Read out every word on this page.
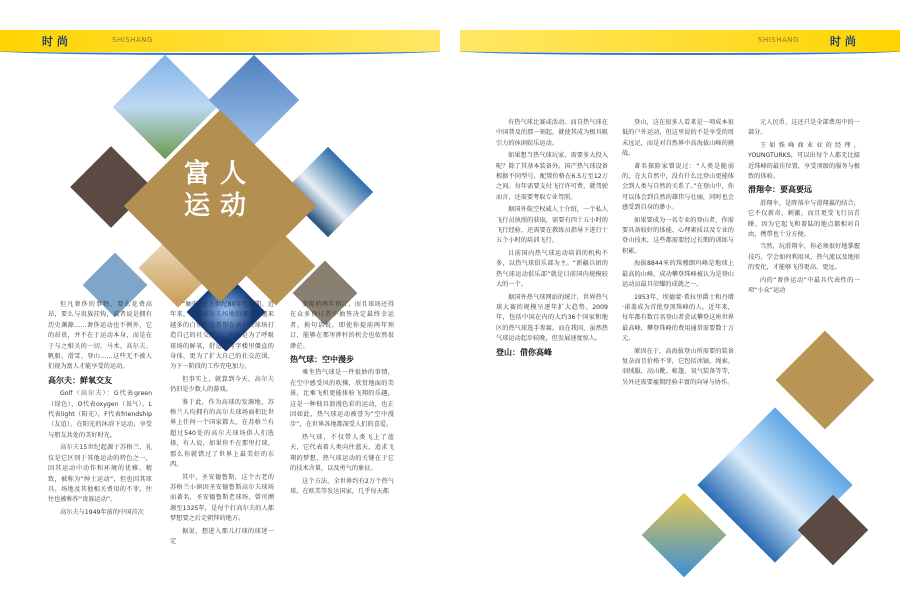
时 尚	SHISHANG	SHISHANG	时 尚
富人运动

但凡奢侈的事物，要么花费高昂，要么与贵族挂钩，或者说是拥有历史渊源……奢侈运动也不例外，它的昂贵，并不在于运动本身，而是在于与之相关的一切，马术、高尔夫、帆船、滑雪、登山……这些无不被人们视为富人才能享受的运动。

高尔夫：鲜氧交友

Golf（高尔夫）：G代表green（绿色），O代表oxygen（氧气），L代表light（阳光），F代表friendship（友谊）。在阳光的沐浴下运动，享受与朋友共处的美好时光。

高尔夫15世纪起源于苏格兰，礼仪是它区别于其他运动的特色之一，因其运动中动作和环境的优雅、精致，被称为“绅士运动”，但也因其球具、场地及其他相关费用的不菲，往往也被称作“贵族运动”。

高尔夫与1949年前的中国首次

“触电”在上世纪80年代初期。近年来，随着高尔夫场地的增多，越来越多的白领们也希望在高尔夫球场打造自己的社交圈子，不只是为了呼吸球场的鲜氧，舒适在写字楼里僵直的身体，更为了扩大自己的社交范围，为下一阶段的工作充电加力。

但事实上，就算到今天，高尔夫仍旧是少数人的游戏。

鉴于此，作为高球的发源地，苏格兰人均拥有的高尔夫球场面积比世界上任何一个国家都大，在苏格兰有超过540处的高尔夫球场供人们选择，有人说，如果你不在那里打球，那么你就错过了世界上最美好的东西。

其中，圣安德鲁斯，这个古老的苏格兰小镇因圣安德鲁斯高尔夫球场而著名，圣安德鲁斯老球场，曾可溯源至1325年，是每个打高尔夫的人都梦想要之后走朝拜的地方。

据说，想进入那儿打球的球迷一定

要提前两年预订，而且球场还得在众多预订者中抽签决定最终幸运者，换句话说，即使你提前两年预订，能够在那里挥杆的机会也依然很渺茫。

热气球：空中漫步

乘坐热气球是一件很妙的事情，在空中感受风的吹拂，欣赏地面的美景，比乘飞机更能体验飞翔的乐趣，这是一种独具浪漫色彩的运动，也正因如此，热气球运动被誉为“空中漫步”，在世界各地都深受人们的喜爱。

热气球，不仅带人类飞上了蓝天，它代表着人类向往蓝天，追求飞翔的梦想，热气球运动的关键在于它的技术含量，以及勇气的象征。

这个方法，全世界约有2万个热气球。在欧美等发达国家，几乎每天都

有热气球比赛或活动。而自热气球在中国普及的那一刻起，就使其成为极具吸引力的休闲娱乐运动。

如果想当热气球玩家，需要多大投入呢？除了其基本装备外，国产热气球设备根据不同型号，配置价格在6.5万至12万之间。每年需要支付飞行许可费，就驾驶而言，还需要考取专业驾照。

据国外航空权威人士介绍，一个私人飞行员执照的获取，需要有四十五小时的飞行经验，还需要在教练员指导下进行十五个小时的培训飞行。

目前国内热气球运动培训的机构不多，以热气球俱乐部为主。“新疆兵团的热气球运动俱乐部”就是目前国内规模较大的一个。

据国外热气球网站的统计，世界热气球大赛的规模呈逐年扩大趋势。2009年，包括中国在内的大约36个国家和地区的热气球选手参赛。而在我国，虽然热气球运动起步较晚，但发展速度惊人。

登山：借你高峰

登山，这在很多人看来是一项成本很低的户外运动，但这里说的不是享受的周末远足，而是对自然界中高海拔山峰的挑战。

著名探险家曾说过：“人类是脆弱的，在大自然中，没有什么比登山更能体会到人类与自然的关系了。”在登山中，你可以体会到自然的雄伟与壮丽，同时也会感受到自身的渺小。

如果要成为一名专业的登山者，你需要具备较好的体能、心理素质以及专业的登山技术，这些都需要经过长期的训练与积累。

海拔8844米的珠穆朗玛峰是地球上最高的山峰，成功攀登珠峰被认为是登山运动员最具荣耀的成就之一。

1953年，埃德蒙·希拉里爵士和丹增·诺盖成为首批登顶珠峰的人。近年来，每年都有数百名登山者尝试攀登这座世界最高峰，攀登珠峰的费用通常需要数十万元。

原因在于，高海拔登山所需要的装备复杂而且价格不菲，它包括冰镐、绳索、羽绒服、高山靴、帐篷、氧气装备等等，另外还需要雇佣经验丰富的向导与协作。

元人民币，这还只是全部费用中的一部分。

王如姝峰商业业的经理，YOUNGTURKS，可以出每个人都无比接近珠峰的最佳位置，享受顶级的服务与极致的体验。

滑翔伞：要高要远

滑翔伞，是降落伞与滑翔翼的结合，它不仅新奇，刺激，而且更受飞行员青睐。因为它起飞和着陆的地点都相对自由，携带也十分方便。

当然，玩滑翔伞，你必须很好地掌握技巧，学会如何利用风、热气流以及地形的变化，才能够飞得更高、更远。

内的“奢侈运动”中最具代表性的一项“小众”运动
